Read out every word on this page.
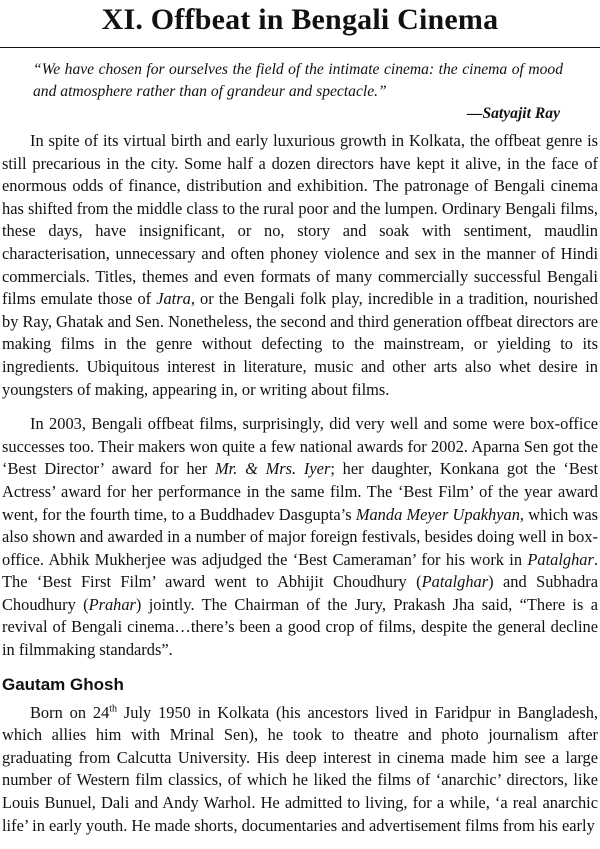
XI. Offbeat in Bengali Cinema
“We have chosen for ourselves the field of the intimate cinema: the cinema of mood and atmosphere rather than of grandeur and spectacle.”
—Satyajit Ray

In spite of its virtual birth and early luxurious growth in Kolkata, the offbeat genre is still precarious in the city. Some half a dozen directors have kept it alive, in the face of enormous odds of finance, distribution and exhibition. The patronage of Bengali cinema has shifted from the middle class to the rural poor and the lumpen. Ordinary Bengali films, these days, have insignificant, or no, story and soak with sentiment, maudlin characterisation, unnecessary and often phoney violence and sex in the manner of Hindi commercials. Titles, themes and even formats of many commercially successful Bengali films emulate those of Jatra, or the Bengali folk play, incredible in a tradition, nourished by Ray, Ghatak and Sen. Nonetheless, the second and third generation offbeat directors are making films in the genre without defecting to the mainstream, or yielding to its ingredients. Ubiquitous interest in literature, music and other arts also whet desire in youngsters of making, appearing in, or writing about films.

In 2003, Bengali offbeat films, surprisingly, did very well and some were box-office successes too. Their makers won quite a few national awards for 2002. Aparna Sen got the ‘Best Director’ award for her Mr. & Mrs. Iyer; her daughter, Konkana got the ‘Best Actress’ award for her performance in the same film. The ‘Best Film’ of the year award went, for the fourth time, to a Buddhadev Dasgupta’s Manda Meyer Upakhyan, which was also shown and awarded in a number of major foreign festivals, besides doing well in box-office. Abhik Mukherjee was adjudged the ‘Best Cameraman’ for his work in Patalghar. The ‘Best First Film’ award went to Abhijit Choudhury (Patalghar) and Subhadra Choudhury (Prahar) jointly. The Chairman of the Jury, Prakash Jha said, “There is a revival of Bengali cinema…there’s been a good crop of films, despite the general decline in filmmaking standards”.

Gautam Ghosh

Born on 24th July 1950 in Kolkata (his ancestors lived in Faridpur in Bangladesh, which allies him with Mrinal Sen), he took to theatre and photo journalism after graduating from Calcutta University. His deep interest in cinema made him see a large number of Western film classics, of which he liked the films of ‘anarchic’ directors, like Louis Bunuel, Dali and Andy Warhol. He admitted to living, for a while, ‘a real anarchic life’ in early youth. He made shorts, documentaries and advertisement films from his early
